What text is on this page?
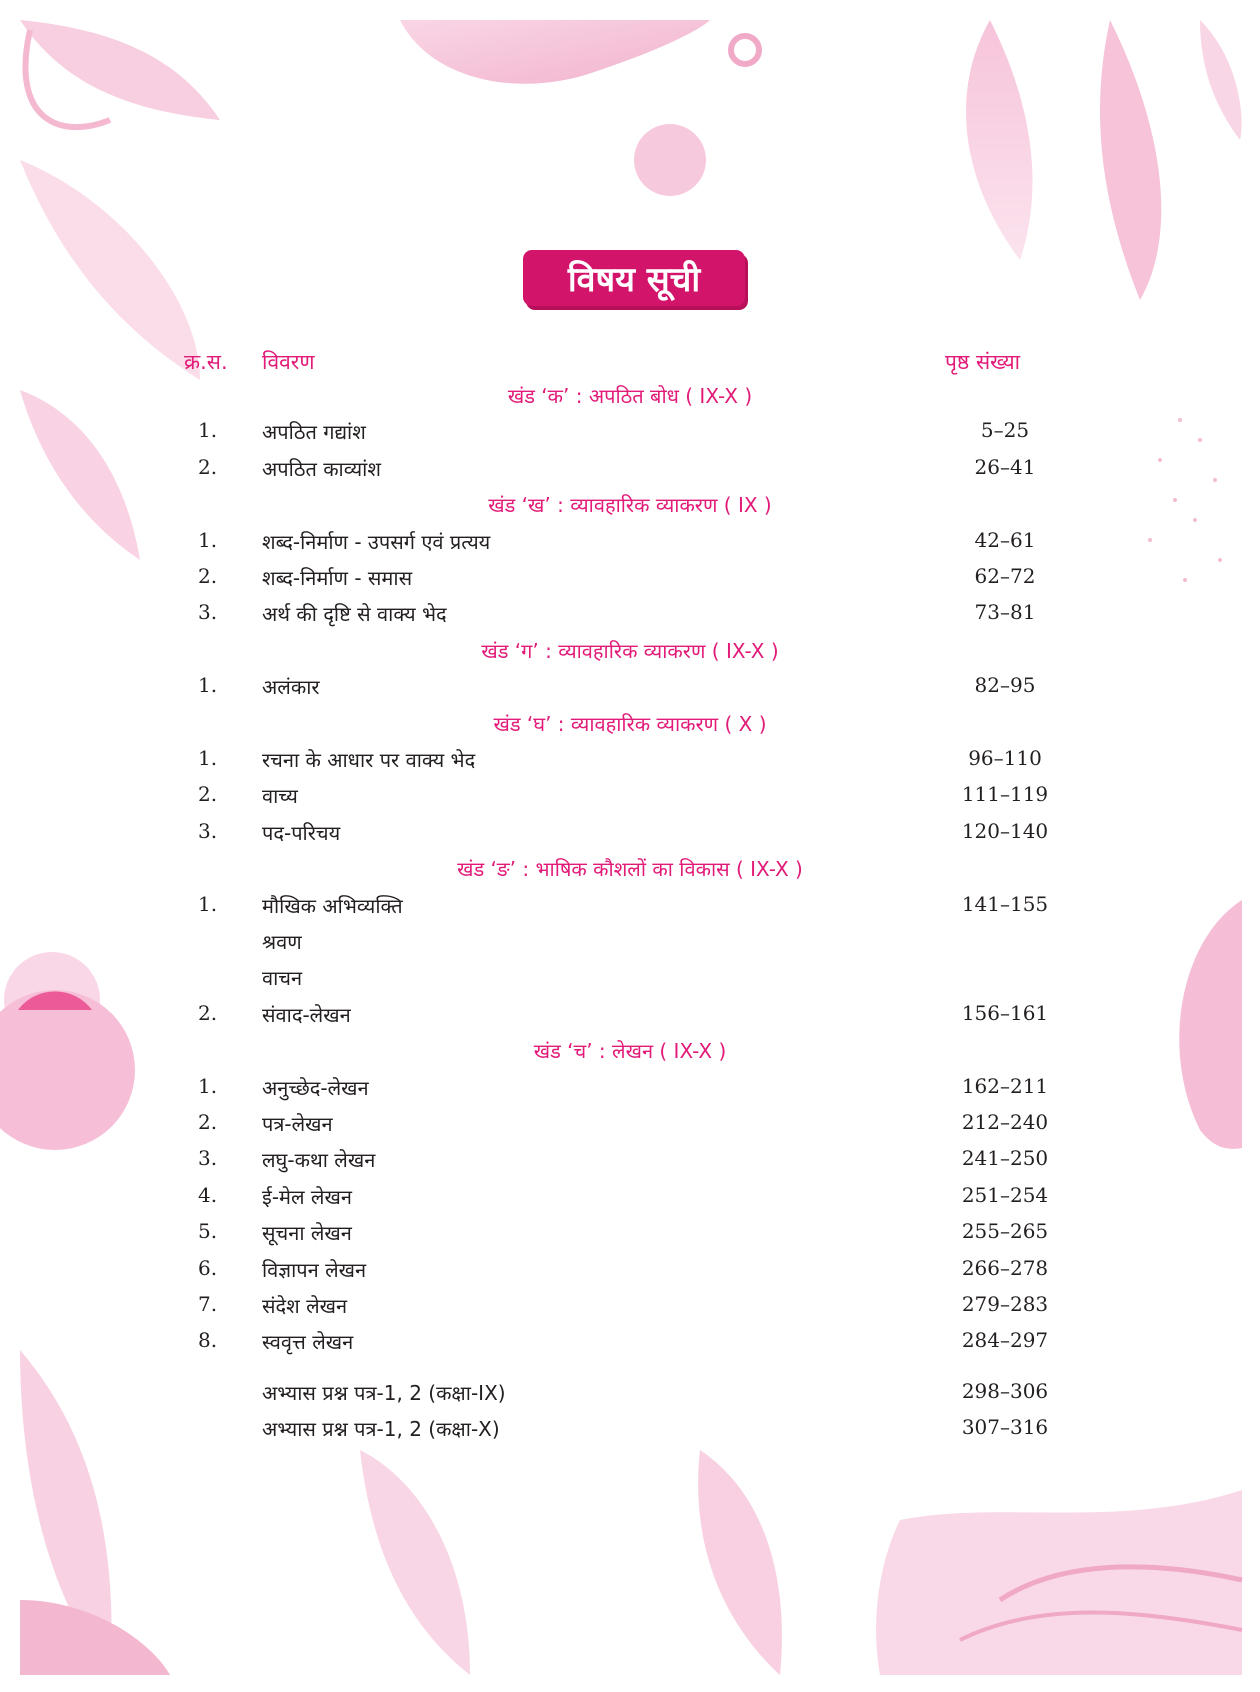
विषय सूची
क्र.स. विवरण	पृष्ठ संख्या
खंड ‘क’ : अपठित बोध ( IX-X )
1. अपठित गद्यांश	5–25
2. अपठित काव्यांश	26–41
खंड ‘ख’ : व्यावहारिक व्याकरण ( IX )
1. शब्द-निर्माण - उपसर्ग एवं प्रत्यय	42–61
2. शब्द-निर्माण - समास	62–72
3. अर्थ की दृष्टि से वाक्य भेद	73–81
खंड ‘ग’ : व्यावहारिक व्याकरण ( IX-X )
1. अलंकार	82–95
खंड ‘घ’ : व्यावहारिक व्याकरण ( X )
1. रचना के आधार पर वाक्य भेद	96–110
2. वाच्य	111–119
3. पद-परिचय	120–140
खंड ‘ङ’ : भाषिक कौशलों का विकास ( IX-X )
1. मौखिक अभिव्यक्ति	141–155
श्रवण
वाचन
2. संवाद-लेखन	156–161
खंड ‘च’ : लेखन ( IX-X )
1. अनुच्छेद-लेखन	162–211
2. पत्र-लेखन	212–240
3. लघु-कथा लेखन	241–250
4. ई-मेल लेखन	251–254
5. सूचना लेखन	255–265
6. विज्ञापन लेखन	266–278
7. संदेश लेखन	279–283
8. स्ववृत्त लेखन	284–297
अभ्यास प्रश्न पत्र-1, 2 (कक्षा-IX)	298–306
अभ्यास प्रश्न पत्र-1, 2 (कक्षा-X)	307–316
